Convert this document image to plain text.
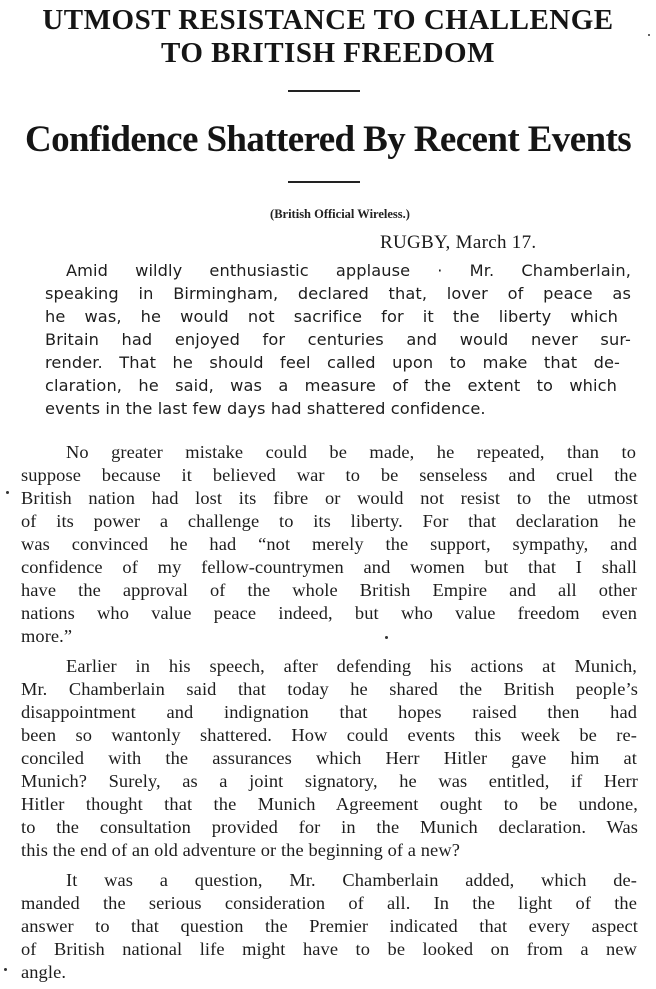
UTMOST RESISTANCE TO CHALLENGE
TO BRITISH FREEDOM
Confidence Shattered By Recent Events
(British Official Wireless.)
RUGBY, March 17.
Amid wildly enthusiastic applause · Mr. Chamberlain,
speaking in Birmingham, declared that, lover of peace as
he was, he would not sacrifice for it the liberty which
Britain had enjoyed for centuries and would never sur-
render. That he should feel called upon to make that de-
claration, he said, was a measure of the extent to which
events in the last few days had shattered confidence.
No greater mistake could be made, he repeated, than to
suppose because it believed war to be senseless and cruel the
British nation had lost its fibre or would not resist to the utmost
of its power a challenge to its liberty. For that declaration he
was convinced he had “not merely the support, sympathy, and
confidence of my fellow-countrymen and women but that I shall
have the approval of the whole British Empire and all other
nations who value peace indeed, but who value freedom even
more.”
Earlier in his speech, after defending his actions at Munich,
Mr. Chamberlain said that today he shared the British people’s
disappointment and indignation that hopes raised then had
been so wantonly shattered. How could events this week be re-
conciled with the assurances which Herr Hitler gave him at
Munich? Surely, as a joint signatory, he was entitled, if Herr
Hitler thought that the Munich Agreement ought to be undone,
to the consultation provided for in the Munich declaration. Was
this the end of an old adventure or the beginning of a new?
It was a question, Mr. Chamberlain added, which de-
manded the serious consideration of all. In the light of the
answer to that question the Premier indicated that every aspect
of British national life might have to be looked on from a new
angle.
